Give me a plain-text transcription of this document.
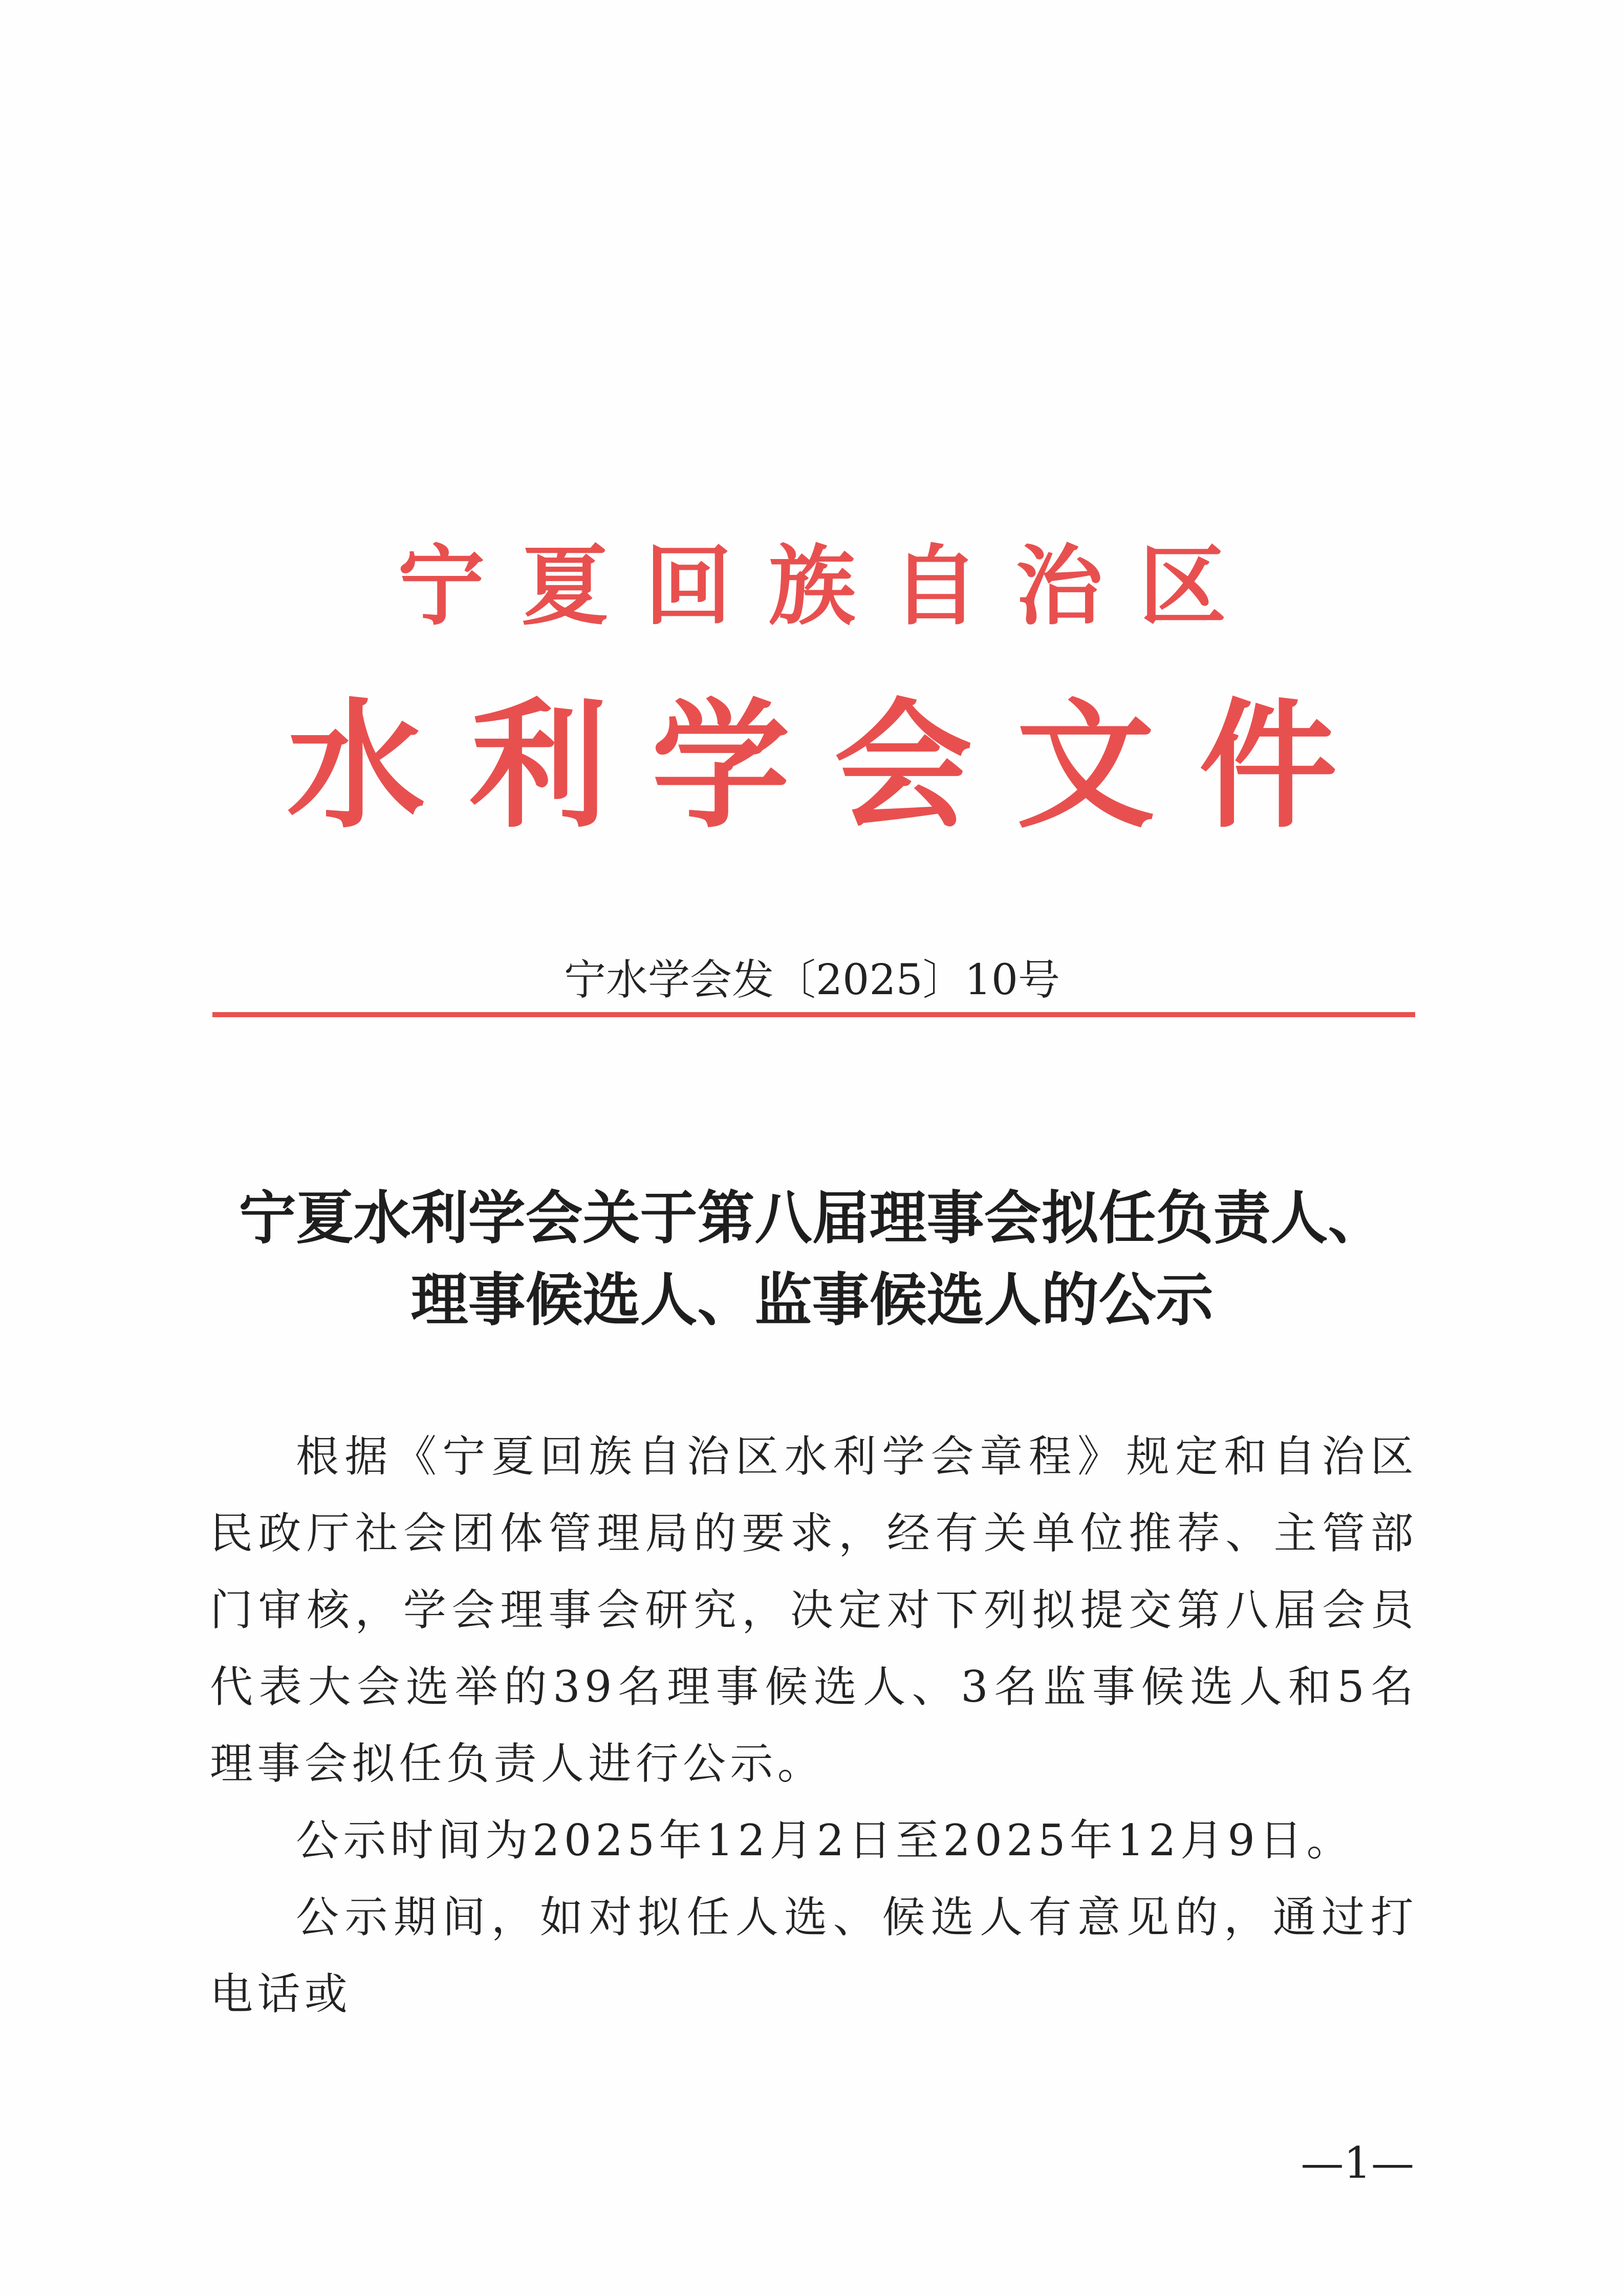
宁夏回族自治区
水利学会文件
宁水学会发〔2025〕10号
宁夏水利学会关于第八届理事会拟任负责人、
理事候选人、监事候选人的公示

根据《宁夏回族自治区水利学会章程》规定和自治区民政厅社会团体管理局的要求，经有关单位推荐、主管部门审核，学会理事会研究，决定对下列拟提交第八届会员代表大会选举的39名理事候选人、3名监事候选人和5名理事会拟任负责人进行公示。

公示时间为2025年12月2日至2025年12月9日。

公示期间，如对拟任人选、候选人有意见的，通过打电话或

—1—
